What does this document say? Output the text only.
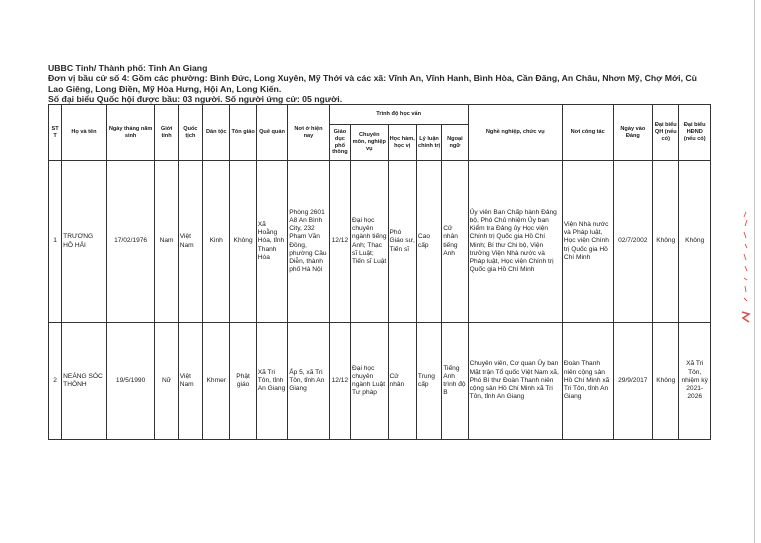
UBBC Tỉnh/ Thành phố: Tỉnh An Giang
Đơn vị bầu cử số 4: Gồm các phường: Bình Đức, Long Xuyên, Mỹ Thới và các xã: Vĩnh An, Vĩnh Hanh, Bình Hòa, Cần Đăng, An Châu, Nhơn Mỹ, Chợ Mới, Cù Lao Giêng, Long Điền, Mỹ Hòa Hưng, Hội An, Long Kiến.
Số đại biểu Quốc hội được bầu: 03 người. Số người ứng cử: 05 người.
STT	Họ và tên	Ngày tháng năm sinh	Giới tính	Quốc tịch	Dân tộc	Tôn giáo	Quê quán	Nơi ở hiện nay	Trình độ học vấn					Nghề nghiệp, chức vụ	Nơi công tác	Ngày vào Đảng	Đại biểu QH (nếu có)	Đại biểu HĐND (nếu có)
									Giáo dục phổ thông	Chuyên môn, nghiệp vụ	Học hàm, học vị	Lý luận chính trị	Ngoại ngữ					
1	TRƯƠNG HỒ HẢI	17/02/1976	Nam	Việt Nam	Kinh	Không	Xã Hoằng Hóa, tỉnh Thanh Hóa	Phòng 2601 A8 An Bình City, 232 Phạm Văn Đồng, phường Cầu Diễn, thành phố Hà Nội	12/12	Đại học chuyên ngành tiếng Anh; Thạc sĩ Luật; Tiến sĩ Luật	Phó Giáo sư, Tiến sĩ	Cao cấp	Cử nhân tiếng Anh	Ủy viên Ban Chấp hành Đảng bộ, Phó Chủ nhiệm Ủy ban Kiểm tra Đảng ủy Học viện Chính trị Quốc gia Hồ Chí Minh; Bí thư Chi bộ, Viện trưởng Viện Nhà nước và Pháp luật, Học viện Chính trị Quốc gia Hồ Chí Minh	Viện Nhà nước và Pháp luật, Học viện Chính trị Quốc gia Hồ Chí Minh	02/7/2002	Không	Không
2	NEÁNG SÓC THÔNH	19/5/1990	Nữ	Việt Nam	Khmer	Phật giáo	Xã Tri Tôn, tỉnh An Giang	Ấp 5, xã Tri Tôn, tỉnh An Giang	12/12	Đại học chuyên ngành Luật Tư pháp	Cử nhân	Trung cấp	Tiếng Anh trình độ B	Chuyên viên, Cơ quan Ủy ban Mặt trận Tổ quốc Việt Nam xã, Phó Bí thư Đoàn Thanh niên cộng sản Hồ Chí Minh xã Tri Tôn, tỉnh An Giang	Đoàn Thanh niên cộng sản Hồ Chí Minh xã Tri Tôn, tỉnh An Giang	29/9/2017	Không	Xã Tri Tôn, nhiệm kỳ 2021-2026
